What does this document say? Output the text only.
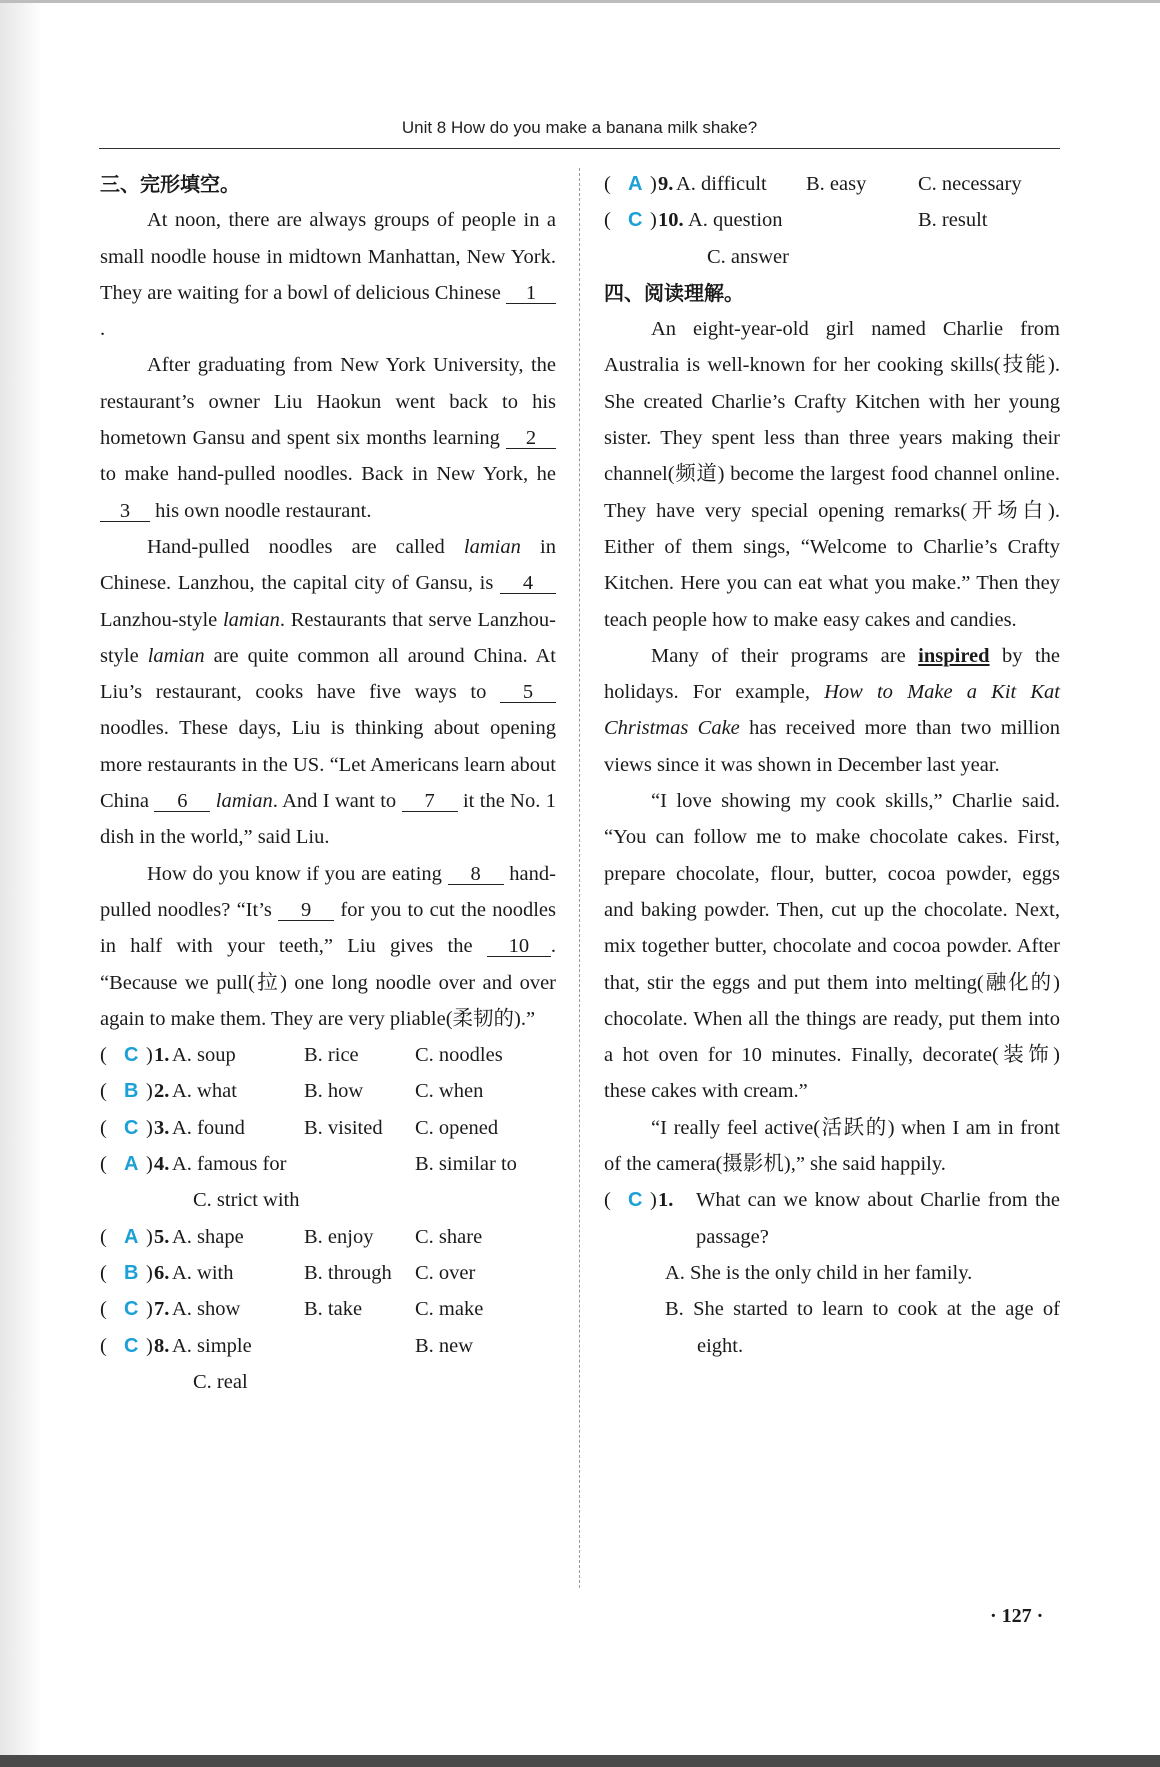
Unit 8 How do you make a banana milk shake?

三、完形填空。

At noon, there are always groups of people in a small noodle house in midtown Manhattan, New York. They are waiting for a bowl of delicious Chinese 1.

After graduating from New York University, the restaurant’s owner Liu Haokun went back to his hometown Gansu and spent six months learning 2 to make hand-pulled noodles. Back in New York, he 3 his own noodle restaurant.

Hand-pulled noodles are called lamian in Chinese. Lanzhou, the capital city of Gansu, is 4 Lanzhou-style lamian. Restaurants that serve Lanzhou-style lamian are quite common all around China. At Liu’s restaurant, cooks have five ways to 5 noodles. These days, Liu is thinking about opening more restaurants in the US. “Let Americans learn about China 6 lamian. And I want to 7 it the No. 1 dish in the world,” said Liu.

How do you know if you are eating 8 hand-pulled noodles? “It’s 9 for you to cut the noodles in half with your teeth,” Liu gives the 10 . “Because we pull(拉) one long noodle over and over again to make them. They are very pliable(柔韧的).”

( C ) 1. A. soup	B. rice	C. noodles
( B ) 2. A. what	B. how	C. when
( C ) 3. A. found	B. visited C. opened
( A ) 4. A. famous for	B. similar to
C. strict with
( A ) 5. A. shape	B. enjoy C. share
( B ) 6. A. with	B. through C. over
( C ) 7. A. show	B. take	C. make
( C ) 8. A. simple	B. new
C. real
( A ) 9. A. difficult B. easy	C. necessary
( C ) 10. A. question	B. result
C. answer

四、阅读理解。

An eight-year-old girl named Charlie from Australia is well-known for her cooking skills(技能). She created Charlie’s Crafty Kitchen with her young sister. They spent less than three years making their channel(频道) become the largest food channel online. They have very special opening remarks(开场白). Either of them sings, “Welcome to Charlie’s Crafty Kitchen. Here you can eat what you make.” Then they teach people how to make easy cakes and candies.

Many of their programs are inspired by the holidays. For example, How to Make a Kit Kat Christmas Cake has received more than two million views since it was shown in December last year.

“I love showing my cook skills,” Charlie said. “You can follow me to make chocolate cakes. First, prepare chocolate, flour, butter, cocoa powder, eggs and baking powder. Then, cut up the chocolate. Next, mix together butter, chocolate and cocoa powder. After that, stir the eggs and put them into melting(融化的) chocolate. When all the things are ready, put them into a hot oven for 10 minutes. Finally, decorate(装饰) these cakes with cream.”

“I really feel active(活跃的) when I am in front of the camera(摄影机),” she said happily.

( C ) 1.	What can we know about Charlie from the passage?

A. She is the only child in her family.

B. She started to learn to cook at the age of eight.

· 127 ·
